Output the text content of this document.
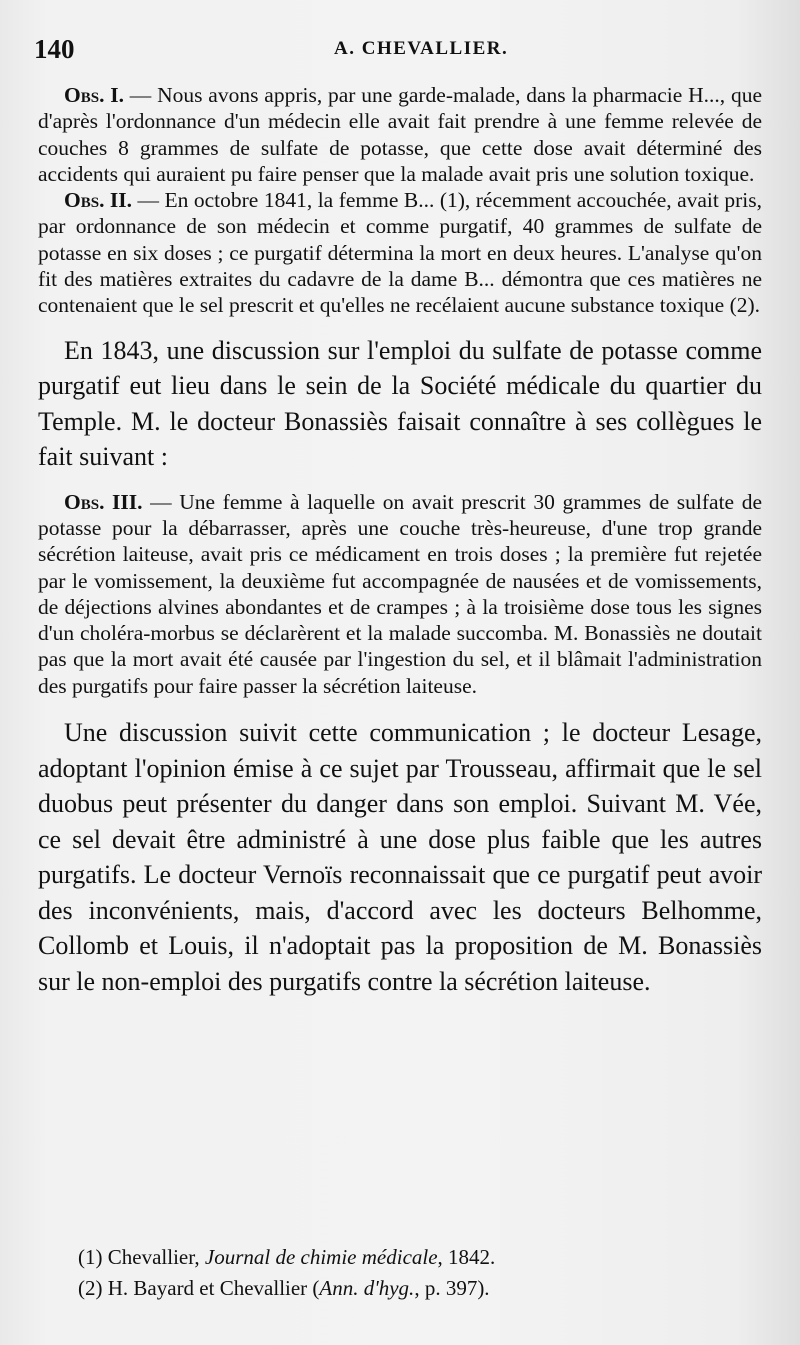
140	A. CHEVALLIER.

Obs. I. — Nous avons appris, par une garde-malade, dans la pharmacie H..., que d'après l'ordonnance d'un médecin elle avait fait prendre à une femme relevée de couches 8 grammes de sulfate de potasse, que cette dose avait déterminé des accidents qui auraient pu faire penser que la malade avait pris une solution toxique.

Obs. II. — En octobre 1841, la femme B... (1), récemment accouchée, avait pris, par ordonnance de son médecin et comme purgatif, 40 grammes de sulfate de potasse en six doses ; ce purgatif détermina la mort en deux heures. L'analyse qu'on fit des matières extraites du cadavre de la dame B... démontra que ces matières ne contenaient que le sel prescrit et qu'elles ne recélaient aucune substance toxique (2).

En 1843, une discussion sur l'emploi du sulfate de potasse comme purgatif eut lieu dans le sein de la Société médicale du quartier du Temple. M. le docteur Bonassiès faisait connaître à ses collègues le fait suivant :

Obs. III. — Une femme à laquelle on avait prescrit 30 grammes de sulfate de potasse pour la débarrasser, après une couche très-heureuse, d'une trop grande sécrétion laiteuse, avait pris ce médicament en trois doses ; la première fut rejetée par le vomissement, la deuxième fut accompagnée de nausées et de vomissements, de déjections alvines abondantes et de crampes ; à la troisième dose tous les signes d'un choléra-morbus se déclarèrent et la malade succomba. M. Bonassiès ne doutait pas que la mort avait été causée par l'ingestion du sel, et il blâmait l'administration des purgatifs pour faire passer la sécrétion laiteuse.

Une discussion suivit cette communication ; le docteur Lesage, adoptant l'opinion émise à ce sujet par Trousseau, affirmait que le sel duobus peut présenter du danger dans son emploi. Suivant M. Vée, ce sel devait être administré à une dose plus faible que les autres purgatifs. Le docteur Vernoïs reconnaissait que ce purgatif peut avoir des inconvénients, mais, d'accord avec les docteurs Belhomme, Collomb et Louis, il n'adoptait pas la proposition de M. Bonassiès sur le non-emploi des purgatifs contre la sécrétion laiteuse.

(1) Chevallier, Journal de chimie médicale, 1842.

(2) H. Bayard et Chevallier (Ann. d'hyg., p. 397).
